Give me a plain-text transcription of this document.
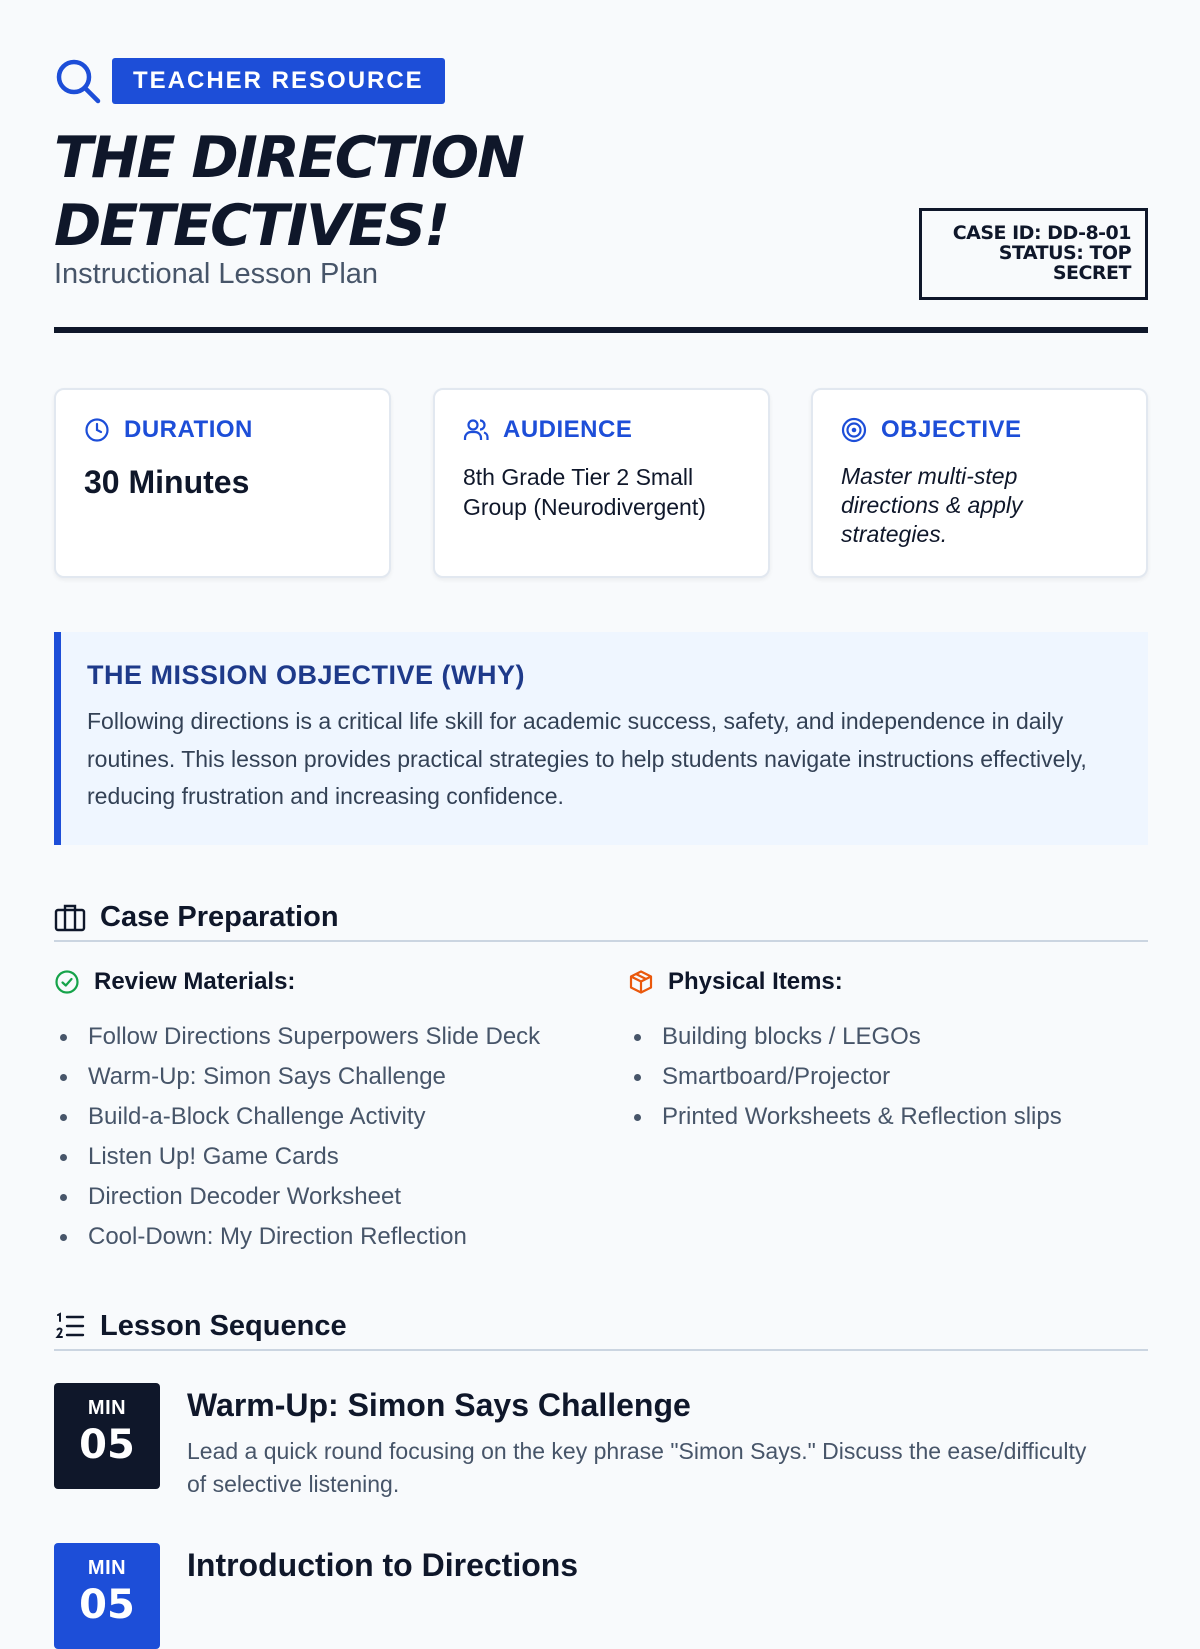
TEACHER RESOURCE
THE DIRECTION
DETECTIVES!
Instructional Lesson Plan
CASE ID: DD-8-01
STATUS: TOP
SECRET
DURATION
30 Minutes
AUDIENCE
8th Grade Tier 2 Small Group (Neurodivergent)
OBJECTIVE
Master multi-step directions & apply strategies.
THE MISSION OBJECTIVE (WHY)

Following directions is a critical life skill for academic success, safety, and independence in daily routines. This lesson provides practical strategies to help students navigate instructions effectively, reducing frustration and increasing confidence.

Case Preparation
Review Materials:
Follow Directions Superpowers Slide Deck
Warm-Up: Simon Says Challenge
Build-a-Block Challenge Activity
Listen Up! Game Cards
Direction Decoder Worksheet
Cool-Down: My Direction Reflection
Physical Items:
Building blocks / LEGOs
Smartboard/Projector
Printed Worksheets & Reflection slips
Lesson Sequence
MIN
05
Warm-Up: Simon Says Challenge

Lead a quick round focusing on the key phrase "Simon Says." Discuss the ease/difficulty of selective listening.

MIN
05
Introduction to Directions
